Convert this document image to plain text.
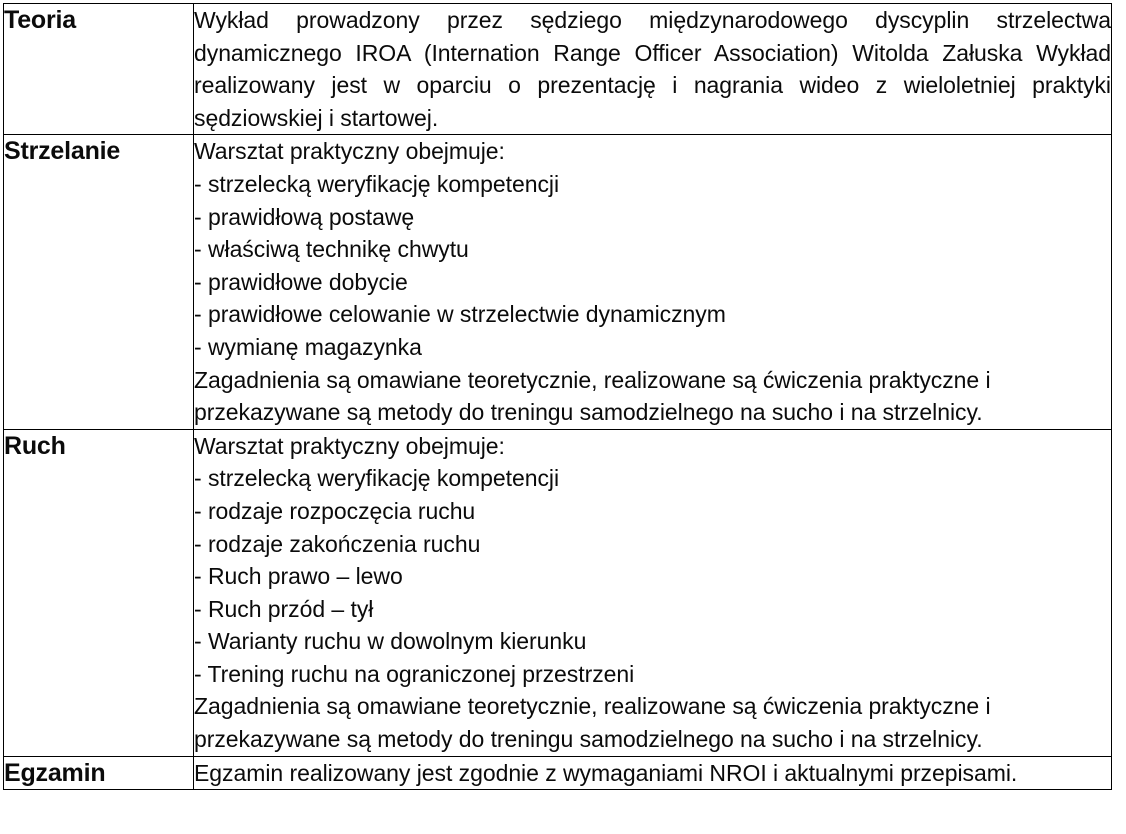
Teoria	Wykład prowadzony przez sędziego międzynarodowego dyscyplin strzelectwa dynamicznego IROA (Internation Range Officer Association) Witolda Załuska Wykład realizowany jest w oparciu o prezentację i nagrania wideo z wieloletniej praktyki sędziowskiej i startowej.

Strzelanie	Warsztat praktyczny obejmuje:

- strzelecką weryfikację kompetencji

- prawidłową postawę

- właściwą technikę chwytu

- prawidłowe dobycie

- prawidłowe celowanie w strzelectwie dynamicznym

- wymianę magazynka

Zagadnienia są omawiane teoretycznie, realizowane są ćwiczenia praktyczne i przekazywane są metody do treningu samodzielnego na sucho i na strzelnicy.

Ruch	Warsztat praktyczny obejmuje:

- strzelecką weryfikację kompetencji

- rodzaje rozpoczęcia ruchu

- rodzaje zakończenia ruchu

- Ruch prawo – lewo

- Ruch przód – tył

- Warianty ruchu w dowolnym kierunku

- Trening ruchu na ograniczonej przestrzeni

Zagadnienia są omawiane teoretycznie, realizowane są ćwiczenia praktyczne i przekazywane są metody do treningu samodzielnego na sucho i na strzelnicy.

Egzamin	Egzamin realizowany jest zgodnie z wymaganiami NROI i aktualnymi przepisami.
